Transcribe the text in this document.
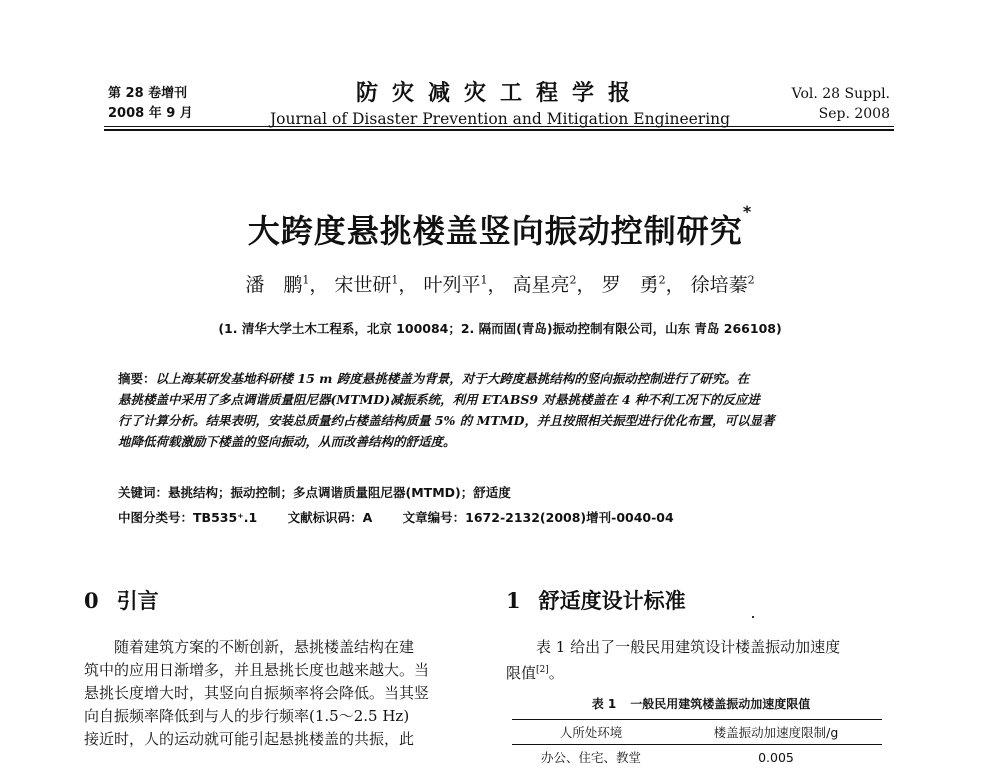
第 28 卷增刊
2008 年 9 月
防灾减灾工程学报
Journal of Disaster Prevention and Mitigation Engineering
Vol. 28 Suppl.
Sep. 2008
大跨度悬挑楼盖竖向振动控制研究*
潘　鹏$^1$， 宋世研$^1$， 叶列平$^1$， 高星亮$^2$， 罗　勇$^2$， 徐培蓁$^2$
(1. 清华大学土木工程系，北京 100084；2. 隔而固(青岛)振动控制有限公司，山东 青岛 266108)
摘要：以上海某研发基地科研楼 15 m 跨度悬挑楼盖为背景，对于大跨度悬挑结构的竖向振动控制进行了研究。在
悬挑楼盖中采用了多点调谐质量阻尼器(MTMD)减振系统，利用 ETABS9 对悬挑楼盖在 4 种不利工况下的反应进
行了计算分析。结果表明，安装总质量约占楼盖结构质量 5% 的 MTMD，并且按照相关振型进行优化布置，可以显著
地降低荷载激励下楼盖的竖向振动，从而改善结构的舒适度。
关键词：悬挑结构；振动控制；多点调谐质量阻尼器(MTMD)；舒适度
中图分类号：TB535⁺.1 文献标识码：A 文章编号：1672-2132(2008)增刊-0040-04
0 引言
　　随着建筑方案的不断创新，悬挑楼盖结构在建
筑中的应用日渐增多，并且悬挑长度也越来越大。当
悬挑长度增大时，其竖向自振频率将会降低。当其竖
向自振频率降低到与人的步行频率(1.5～2.5 Hz)
接近时，人的运动就可能引起悬挑楼盖的共振，此
1 舒适度设计标准
　　表 1 给出了一般民用建筑设计楼盖振动加速度
限值[2]。
表 1 一般民用建筑楼盖振动加速度限值
人所处环境	楼盖振动加速度限制/g
办公、住宅、教堂	0.005
